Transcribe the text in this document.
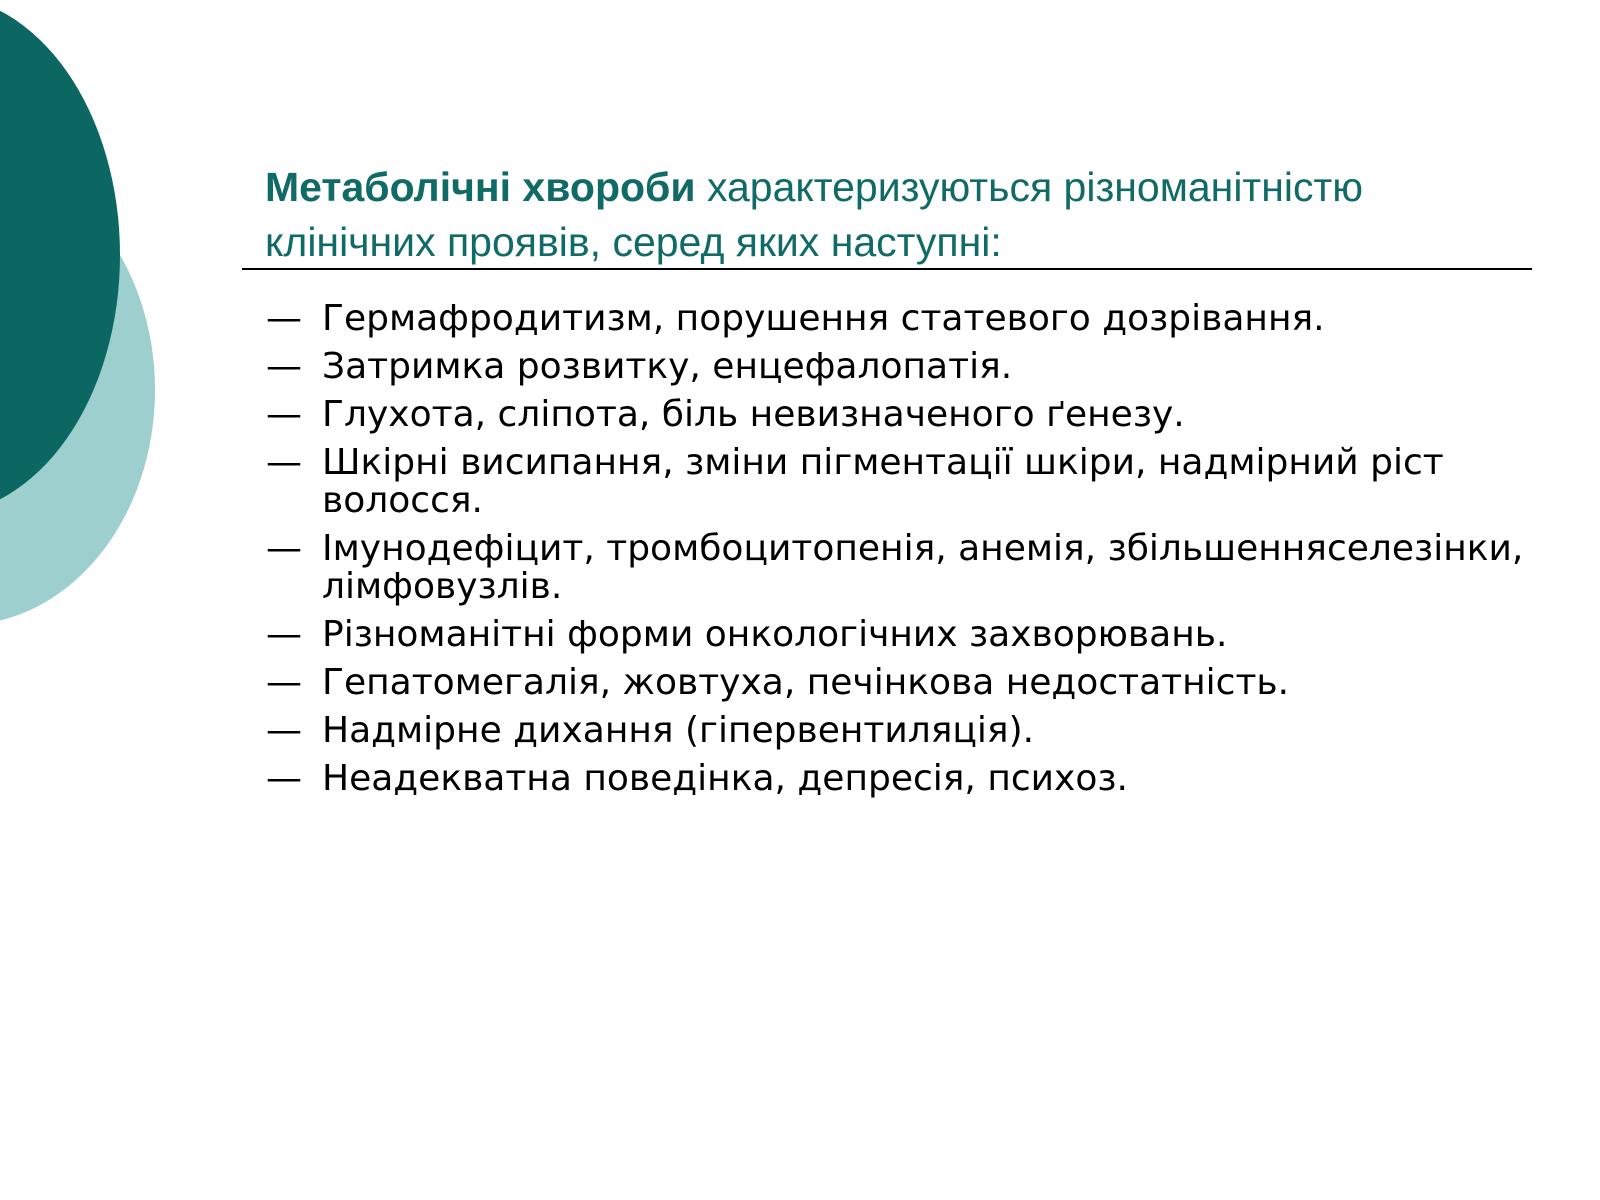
Метаболічні хвороби характеризуються різноманітністю клінічних проявів, серед яких наступні:

— Гермафродитизм, порушення статевого дозрівання.
— Затримка розвитку, енцефалопатія.
— Глухота, сліпота, біль невизначеного ґенезу.
— Шкірні висипання, зміни пігментації шкіри, надмірний ріст волосся.
— Імунодефіцит, тромбоцитопенія, анемія, збільшенняселезінки, лімфовузлів.
— Різноманітні форми онкологічних захворювань.
— Гепатомегалія, жовтуха, печінкова недостатність.
— Надмірне дихання (гіпервентиляція).
— Неадекватна поведінка, депресія, психоз.
